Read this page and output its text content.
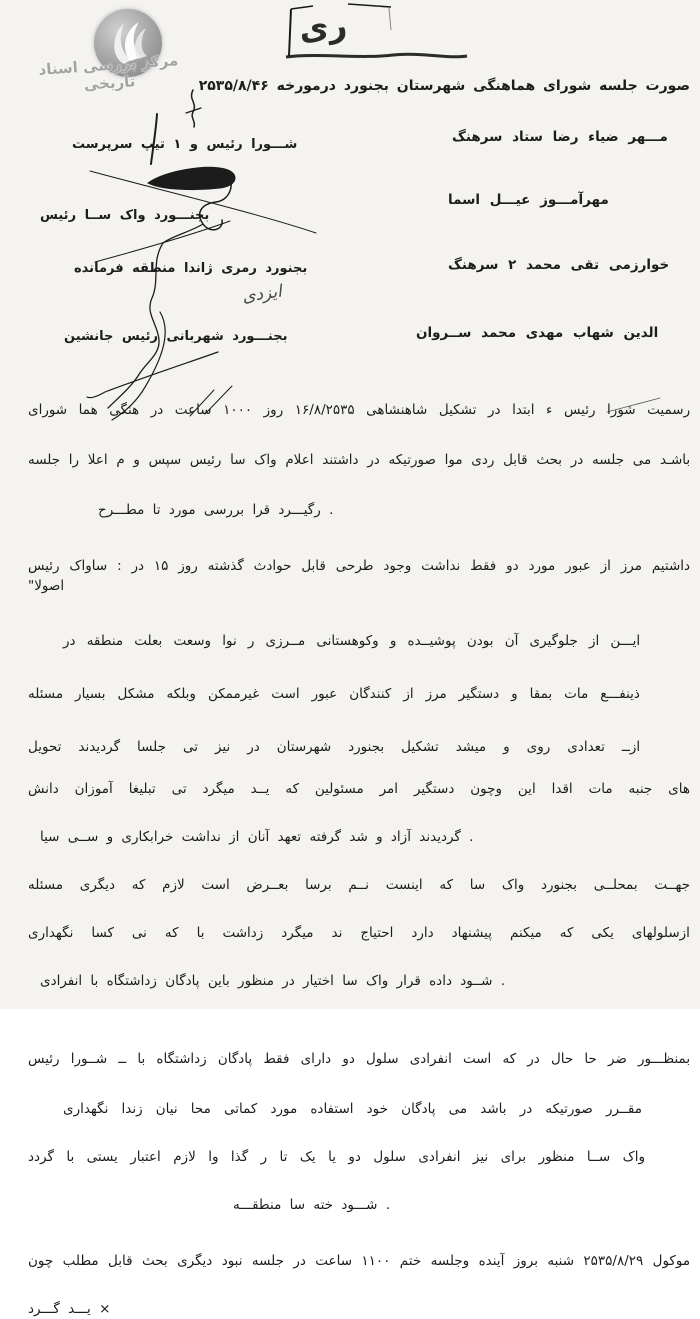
مرکز بررسی اسناد تاریخی
ری
صورت جلسه شورای هماهنگی شهرستان بجنورد درمورخه ۲۵۳۵/۸/۴۶
سرهنگ ستاد رضا ضیاء مـــهر
سرپرست تیپ ۱ و رئیس شـــورا
اسما عیـــل مهرآمـــوز
رئیس ســا واک بجنـــورد
سرهنگ ۲ محمد تقی خوارزمی
فرمانده منطقه ژاندا رمری بجنورد
ســروان محمد مهدی شهاب الدین
جانشین رئیس شهربانی بجنـــورد
ایزدی
شورای هما هنگی در ساعت ۱۰۰۰ روز ۱۶/۸/۲۵۳۵ شاهنشاهی تشکیل در ابتدا ء رئیس شورا رسمیت
جلسه را اعلا م و سپس رئیس سا واک اعلام داشتند در صورتیکه موا ردی قابل بحث در جلسه می باشـد
مطـــرح تا مورد بررسی قرا رگیـــرد .
رئیس ساواک : در ۱۵ روز گذشته حوادث قابل طرحی وجود نداشت فقط دو مورد عبور از مرز داشتیم اصولا"
در منطقه بعلت وسعت نوا ر مــرزی وکوهستانی و پوشیــده بودن آن جلوگیری از ایـــن
مسئله بسیار مشکل وبلکه غیرممکن است عبور کنندگان از مرز دستگیر و بمقا مات ذینفـــع
تحویل گردیدند جلسا تی نیز در شهرستان بجنورد تشکیل میشد و روی تعدادی ازــ
دانش آموزان تبلیغا تی میگرد یــد که مسئولین امر دستگیر وچون این اقدا مات جنبه های
سیا ســی و خرابکاری نداشت از آنان تعهد گرفته شد و آزاد گردیدند .
مسئله دیگری که لازم است بعــرض برسا نــم اینست که سا واک بجنورد بمحلــی جهــت
نگهداری کسا نی که با زداشت میگرد ند احتیاج دارد پیشنهاد میکنم که یکی ازسلولهای
انفرادی با زداشتگاه پادگان باین منظور در اختیار سا واک قرار داده شــود .
رئیس شــورا ــ با زداشتگاه پادگان فقط دارای دو سلول انفرادی است که در حال حا ضر بمنظـــور
نگهداری زندا نیان محا کماتی مورد استفاده خود پادگان می باشد در صورتیکه مقــرر
گردد با یستی اعتبار لازم وا گذا ر تا یک یا دو سلول انفرادی نیز برای منظور ســا واک
منطقـــه سا خته شـــود .
چون مطلب قابل بحث دیگری نبود جلسه در ساعت ۱۱۰۰ ختم وجلسه آینده بروز شنبه ۲۵۳۵/۸/۲۹ موکول
گـــرد یـــد ×
